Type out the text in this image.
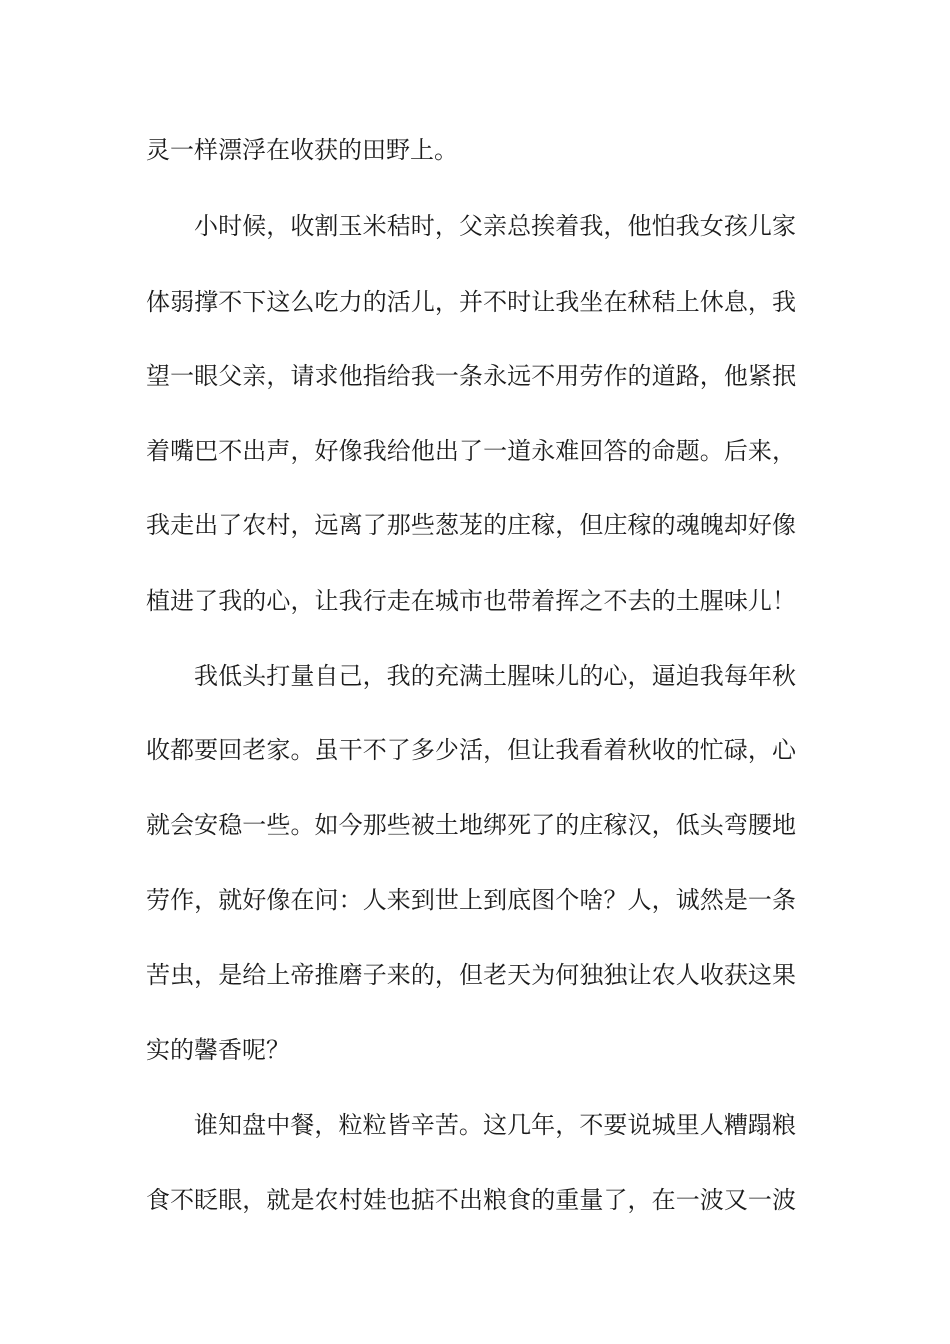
灵一样漂浮在收获的田野上。
小时候，收割玉米秸时，父亲总挨着我，他怕我女孩儿家
体弱撑不下这么吃力的活儿，并不时让我坐在秫秸上休息，我
望一眼父亲，请求他指给我一条永远不用劳作的道路，他紧抿
着嘴巴不出声，好像我给他出了一道永难回答的命题。后来，
我走出了农村，远离了那些葱茏的庄稼，但庄稼的魂魄却好像
植进了我的心，让我行走在城市也带着挥之不去的土腥味儿！
我低头打量自己，我的充满土腥味儿的心，逼迫我每年秋
收都要回老家。虽干不了多少活，但让我看着秋收的忙碌，心
就会安稳一些。如今那些被土地绑死了的庄稼汉，低头弯腰地
劳作，就好像在问：人来到世上到底图个啥？人，诚然是一条
苦虫，是给上帝推磨子来的，但老天为何独独让农人收获这果
实的馨香呢？
谁知盘中餐，粒粒皆辛苦。这几年，不要说城里人糟蹋粮
食不眨眼，就是农村娃也掂不出粮食的重量了，在一波又一波
